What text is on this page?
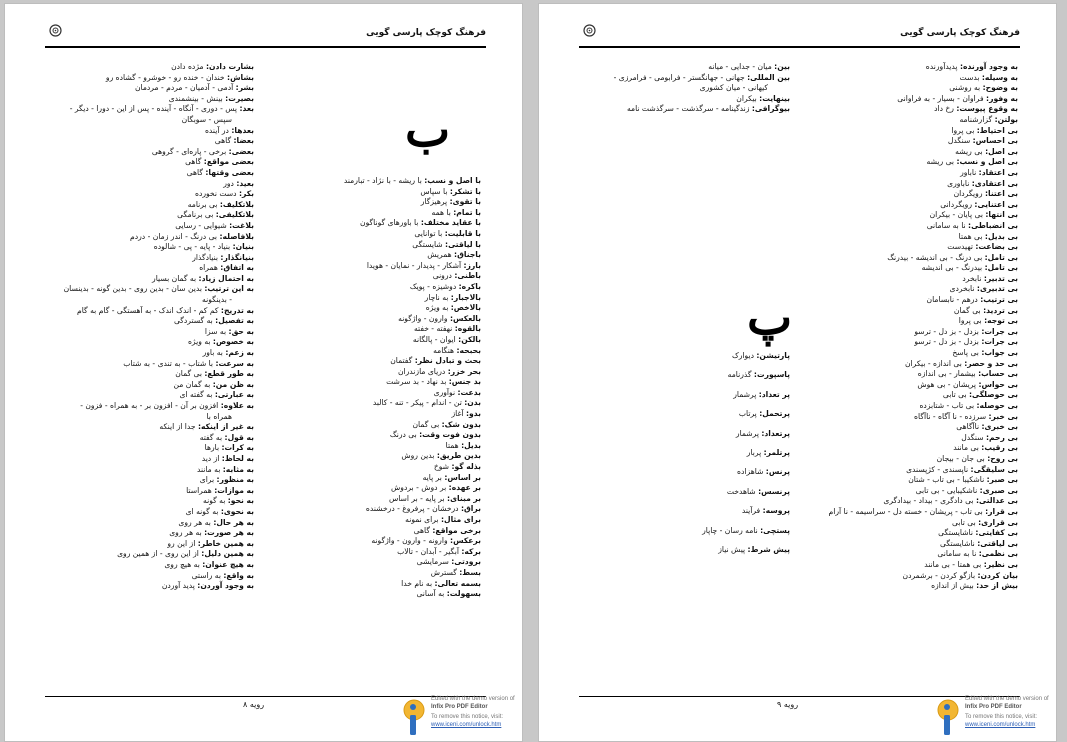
فرهنگ کوچک پارسی گویی
بشارت دادن: مژده دادن
بشاش: خندان - خنده رو - خوشرو - گشاده رو
بشر: آدمی - آدمیان - مردم - مردمان
بصیرت: بینش - بینشمندی
بعد: پس - دوری - آنگاه - آینده - پس از این - دورا - دیگر -
سپس - سوبگان
بعدها: در آینده
بعضا: گاهی
بعضی: برخی - پاره‌ای - گروهی
بعضی مواقع: گاهی
بعضی وقتها: گاهی
بعید: دور
بکر: دست نخورده
بلاتکلیف: بی برنامه
بلاتکلیفی: بی برنامگی
بلاغت: شیوایی - رسایی
بلافاصله: بی درنگ - اندر زمان - دردم
بنیان: بنیاد - پایه - پی - شالوده
بنیانگذار: بنیادگذار
به اتفاق: همراه
به احتمال زیاد: به گمان بسیار
به این ترتیب: بدین سان - بدین روی - بدین گونه - بدینسان
- بدینگونه
به تدریج: کم کم - اندک اندک - به آهستگی - گام به گام
به تفصیل: به گستردگی
به حق: به سزا
به خصوص: به ویژه
به زعم: به باور
به سرعت: با شتاب - به تندی - به شتاب
به طور قطع: بی گمان
به ظن من: به گمان من
به عبارتی: به گفته ای
به علاوه: افزون بر آن - افزون بر - به همراه - فزون -
همراه با
به غیر از اینکه: جدا از اینکه
به قول: به گفته
به کرات: بارها
به لحاظ: از دید
به مثابه: به مانند
به منظور: برای
به موازات: همراستا
به نحو: به گونه
به نحوی: به گونه ای
به هر حال: به هر روی
به هر صورت: به هر روی
به همین خاطر: از این رو
به همین دلیل: از این روی - از همین روی
به هیچ عنوان: به هیچ روی
به واقع: به راستی
به وجود آوردن: پدید آوردن
ب
با اصل و نسب: با ریشه - با نژاد - تبارمند
با تشکر: با سپاس
با تقوی: پرهیزگار
با تمام: با همه
با عقاید مختلف: با باورهای گوناگون
با قابلیت: با توانایی
با لیاقتی: شایستگی
باجناق: همریش
بارز: آشکار - پدیدار - نمایان - هویدا
باطنی: درونی
باکره: دوشیزه - پویک
بالاجبار: به ناچار
بالاخص: به ویژه
بالعکس: وارون - واژگونه
بالقوه: نهفته - خفته
بالکن: ایوان - پالگانه
بحبحه: هنگامه
بحث و تبادل نظر: گفتمان
بحر خزر: دریای مازندران
بد جنس: بد نهاد - بد سرشت
بدعت: نوآوری
بدن: تن - اندام - پیکر - تنه - کالبد
بدو: آغاز
بدون شک: بی گمان
بدون فوت وقت: بی درنگ
بدیل: همتا
بدین طریق: بدین روش
بذله گو: شوخ
بر اساس: بر پایه
بر عهده: بر دوش - بردوش
بر مبنای: بر پایه - بر اساس
براق: درخشان - پرفروغ - درخشنده
برای مثال: برای نمونه
برخی مواقع: گاهی
برعکس: وارونه - وارون - واژگونه
برکه: آبگیر - آبدان - تالاب
برودتی: سرمایشی
بسط: گسترش
بسمه تعالی: به نام خدا
بسهولت: به آسانی
رویه ۸
Edited with the demo version of
Infix Pro PDF Editor
To remove this notice, visit:
www.iceni.com/unlock.htm
فرهنگ کوچک پارسی گویی
به وجود آورنده: پدیدآورنده
به وسیله: بدست
به وضوح: به روشنی
به وفور: فراوان - بسیار - به فراوانی
به وقوع پیوست: رخ داد
بولتن: گزارشنامه
بی احتیاط: بی پروا
بی احساس: سنگدل
بی اصل: بی ریشه
بی اصل و نسب: بی ریشه
بی اعتقاد: ناباور
بی اعتقادی: ناباوری
بی اعتنا: رویگردان
بی اعتنایی: رویگردانی
بی انتها: بی پایان - بیکران
بی انضباطی: نا به سامانی
بی بدیل: بی همتا
بی بضاعت: تهیدست
بی تامل: بی درنگ - بی اندیشه - بیدرنگ
بی تامل: بیدرنگ - بی اندیشه
بی تدبیر: نابخرد
بی تدبیری: نابخردی
بی ترتیب: درهم - نابسامان
بی تردید: بی گمان
بی توجه: بی پروا
بی جرات: بزدل - بز دل - ترسو
بی جرات: بزدل - بز دل - ترسو
بی جواب: بی پاسخ
بی حد و حصر: بی اندازه - بیکران
بی حساب: بیشمار - بی اندازه
بی حواس: پریشان - بی هوش
بی حوصلگی: بی تابی
بی حوصله: بی تاب - شتابزده
بی خبر: سرزده - نا آگاه - ناآگاه
بی خبری: ناآگاهی
بی رحم: سنگدل
بی رقیب: بی مانند
بی روح: بی جان - بیجان
بی سلیقگی: ناپسندی - کژپسندی
بی صبر: ناشکیبا - بی تاب - شتان
بی صبری: ناشکیبایی - بی تابی
بی عدالتی: بی دادگری - بیداد - بیدادگری
بی قرار: بی تاب - پریشان - خسته دل - سراسیمه - نا آرام
بی قراری: بی تابی
بی کفایتی: ناشایستگی
بی لیاقتی: ناشایستگی
بی نظمی: نا به سامانی
بی نظیر: بی همتا - بی مانند
بیان کردن: بازگو کردن - برشمردن
بیش از حد: بیش از اندازه
بین: میان - جدایی - میانه
بین المللی: جهانی - جهانگستر - فرابومی - فرامرزی -
کیهانی - میان کشوری
بینهایت: بیکران
بیوگرافی: زندگینامه - سرگذشت - سرگذشت نامه
پ
پارتیشن: دیوارک
پاسپورت: گذرنامه
پر تعداد: پرشمار
پرتحمل: پرتاب
پرتعداد: پرشمار
پرتلمر: پربار
پرنس: شاهزاده
پرنسس: شاهدخت
پروسه: فرآیند
پستچی: نامه رسان - چاپار
پیش شرط: پیش نیاز
رویه ۹
Edited with the demo version of
Infix Pro PDF Editor
To remove this notice, visit:
www.iceni.com/unlock.htm
